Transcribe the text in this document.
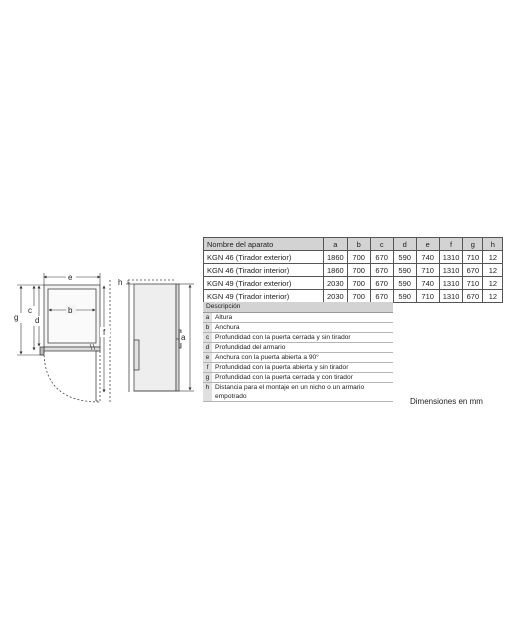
e
b
g
c
d
h
f
a
Nombre del aparato	a	b	c	d	e	f	g	h
KGN 46 (Tirador exterior)	1860	700	670	590	740	1310	710	12
KGN 46 (Tirador interior)	1860	700	670	590	710	1310	670	12
KGN 49 (Tirador exterior)	2030	700	670	590	740	1310	710	12
KGN 49 (Tirador interior)	2030	700	670	590	710	1310	670	12
Descripción	
a	Altura
b	Anchura
c	Profundidad con la puerta cerrada y sin tirador
d	Profundidad del armario
e	Anchura con la puerta abierta a 90°
f	Profundidad con la puerta abierta y sin tirador
g	Profundidad con la puerta cerrada y con tirador
h	Distancia para el montaje en un nicho o un armario empotrado
Dimensiones en mm
